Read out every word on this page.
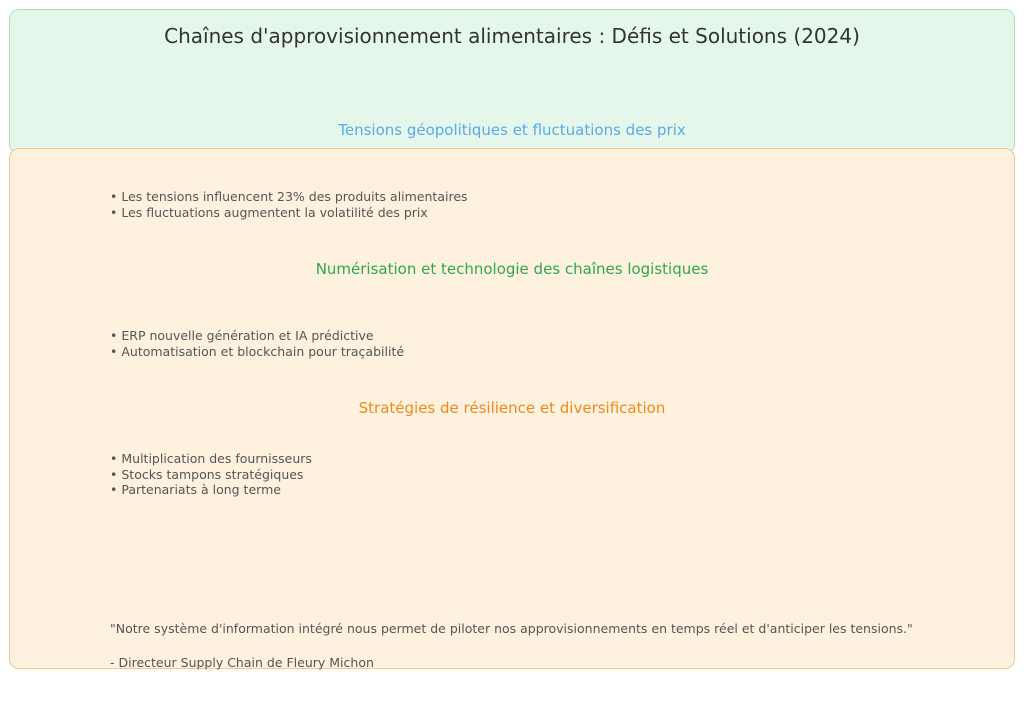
Chaînes d'approvisionnement alimentaires : Défis et Solutions (2024)
Tensions géopolitiques et fluctuations des prix
• Les tensions influencent 23% des produits alimentaires
• Les fluctuations augmentent la volatilité des prix
Numérisation et technologie des chaînes logistiques
• ERP nouvelle génération et IA prédictive
• Automatisation et blockchain pour traçabilité
Stratégies de résilience et diversification
• Multiplication des fournisseurs
• Stocks tampons stratégiques
• Partenariats à long terme
"Notre système d'information intégré nous permet de piloter nos approvisionnements en temps réel et d'anticiper les tensions."
- Directeur Supply Chain de Fleury Michon
